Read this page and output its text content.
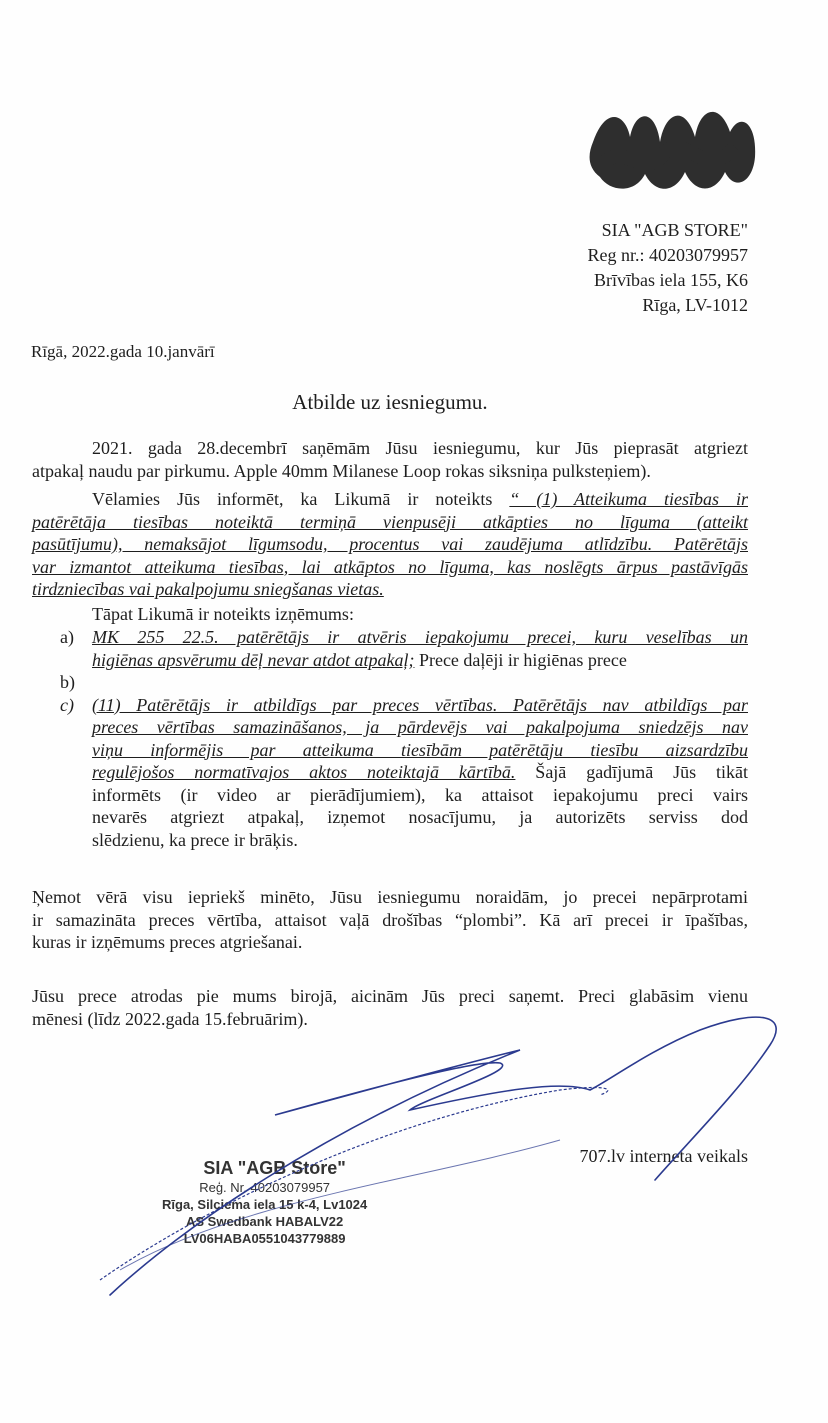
SIA "AGB STORE"
Reg nr.: 40203079957
Brīvības iela 155, K6
Rīga, LV-1012
Rīgā, 2022.gada 10.janvārī
Atbilde uz iesniegumu.
2021. gada 28.decembrī saņēmām Jūsu iesniegumu, kur Jūs pieprasāt atgriezt
atpakaļ naudu par pirkumu. Apple 40mm Milanese Loop rokas siksniņa pulksteņiem).
Vēlamies Jūs informēt, ka Likumā ir noteikts “ (1) Atteikuma tiesības ir
patērētāja tiesības noteiktā termiņā vienpusēji atkāpties no līguma (atteikt
pasūtījumu), nemaksājot līgumsodu, procentus vai zaudējuma atlīdzību. Patērētājs
var izmantot atteikuma tiesības, lai atkāptos no līguma, kas noslēgts ārpus pastāvīgās
tirdzniecības vai pakalpojumu sniegšanas vietas.
Tāpat Likumā ir noteikts izņēmums:
a) MK 255 22.5. patērētājs ir atvēris iepakojumu precei, kuru veselības un
higiēnas apsvērumu dēļ nevar atdot atpakaļ; Prece daļēji ir higiēnas prece
b)
c) (11) Patērētājs ir atbildīgs par preces vērtības. Patērētājs nav atbildīgs par
preces vērtības samazināšanos, ja pārdevējs vai pakalpojuma sniedzējs nav
viņu informējis par atteikuma tiesībām patērētāju tiesību aizsardzību
regulējošos normatīvajos aktos noteiktajā kārtībā. Šajā gadījumā Jūs tikāt
informēts (ir video ar pierādījumiem), ka attaisot iepakojumu preci vairs
nevarēs atgriezt atpakaļ, izņemot nosacījumu, ja autorizēts serviss dod
slēdzienu, ka prece ir brāķis.
Ņemot vērā visu iepriekš minēto, Jūsu iesniegumu noraidām, jo precei nepārprotami
ir samazināta preces vērtība, attaisot vaļā drošības “plombi”. Kā arī precei ir īpašības,
kuras ir izņēmums preces atgriešanai.
Jūsu prece atrodas pie mums birojā, aicinām Jūs preci saņemt. Preci glabāsim vienu
mēnesi (līdz 2022.gada 15.februārim).
707.lv interneta veikals
SIA "AGB Store"
Reģ. Nr. 40203079957
Rīga, Silciema iela 15 k-4, Lv1024
AS Swedbank HABALV22
LV06HABA0551043779889
